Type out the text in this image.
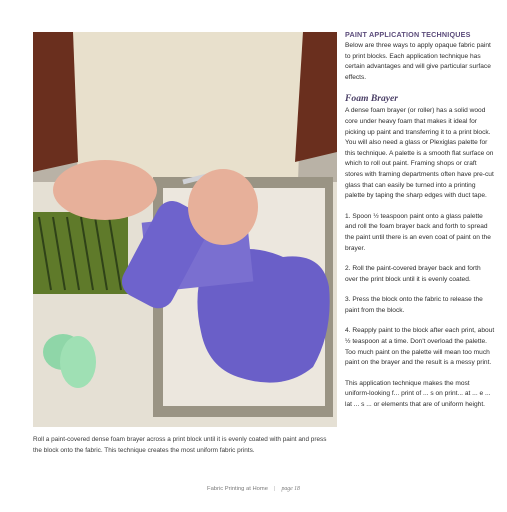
Roll a paint-covered dense foam brayer across a print block until it is evenly coated with paint and press the block onto the fabric. This technique creates the most uniform fabric prints.
PAINT APPLICATION TECHNIQUES

Below are three ways to apply opaque fabric paint to print blocks. Each application technique has certain advantages and will give particular surface effects.

Foam Brayer

A dense foam brayer (or roller) has a solid wood core under heavy foam that makes it ideal for picking up paint and transferring it to a print block. You will also need a glass or Plexiglas palette for this technique. A palette is a smooth flat surface on which to roll out paint. Framing shops or craft stores with framing departments often have pre-cut glass that can easily be turned into a printing palette by taping the sharp edges with duct tape.

1. Spoon ½ teaspoon paint onto a glass palette and roll the foam brayer back and forth to spread the paint until there is an even coat of paint on the brayer.

2. Roll the paint-covered brayer back and forth over the print block until it is evenly coated.

3. Press the block onto the fabric to release the paint from the block.

4. Reapply paint to the block after each print, about ½ teaspoon at a time. Don't overload the palette. Too much paint on the palette will mean too much paint on the brayer and the result is a messy print.

This application technique makes the most uniform-looking f... print of ... s on print... at ... e ... lat ... s ... or elements that are of uniform height.

Fabric Printing at Home | page 18
